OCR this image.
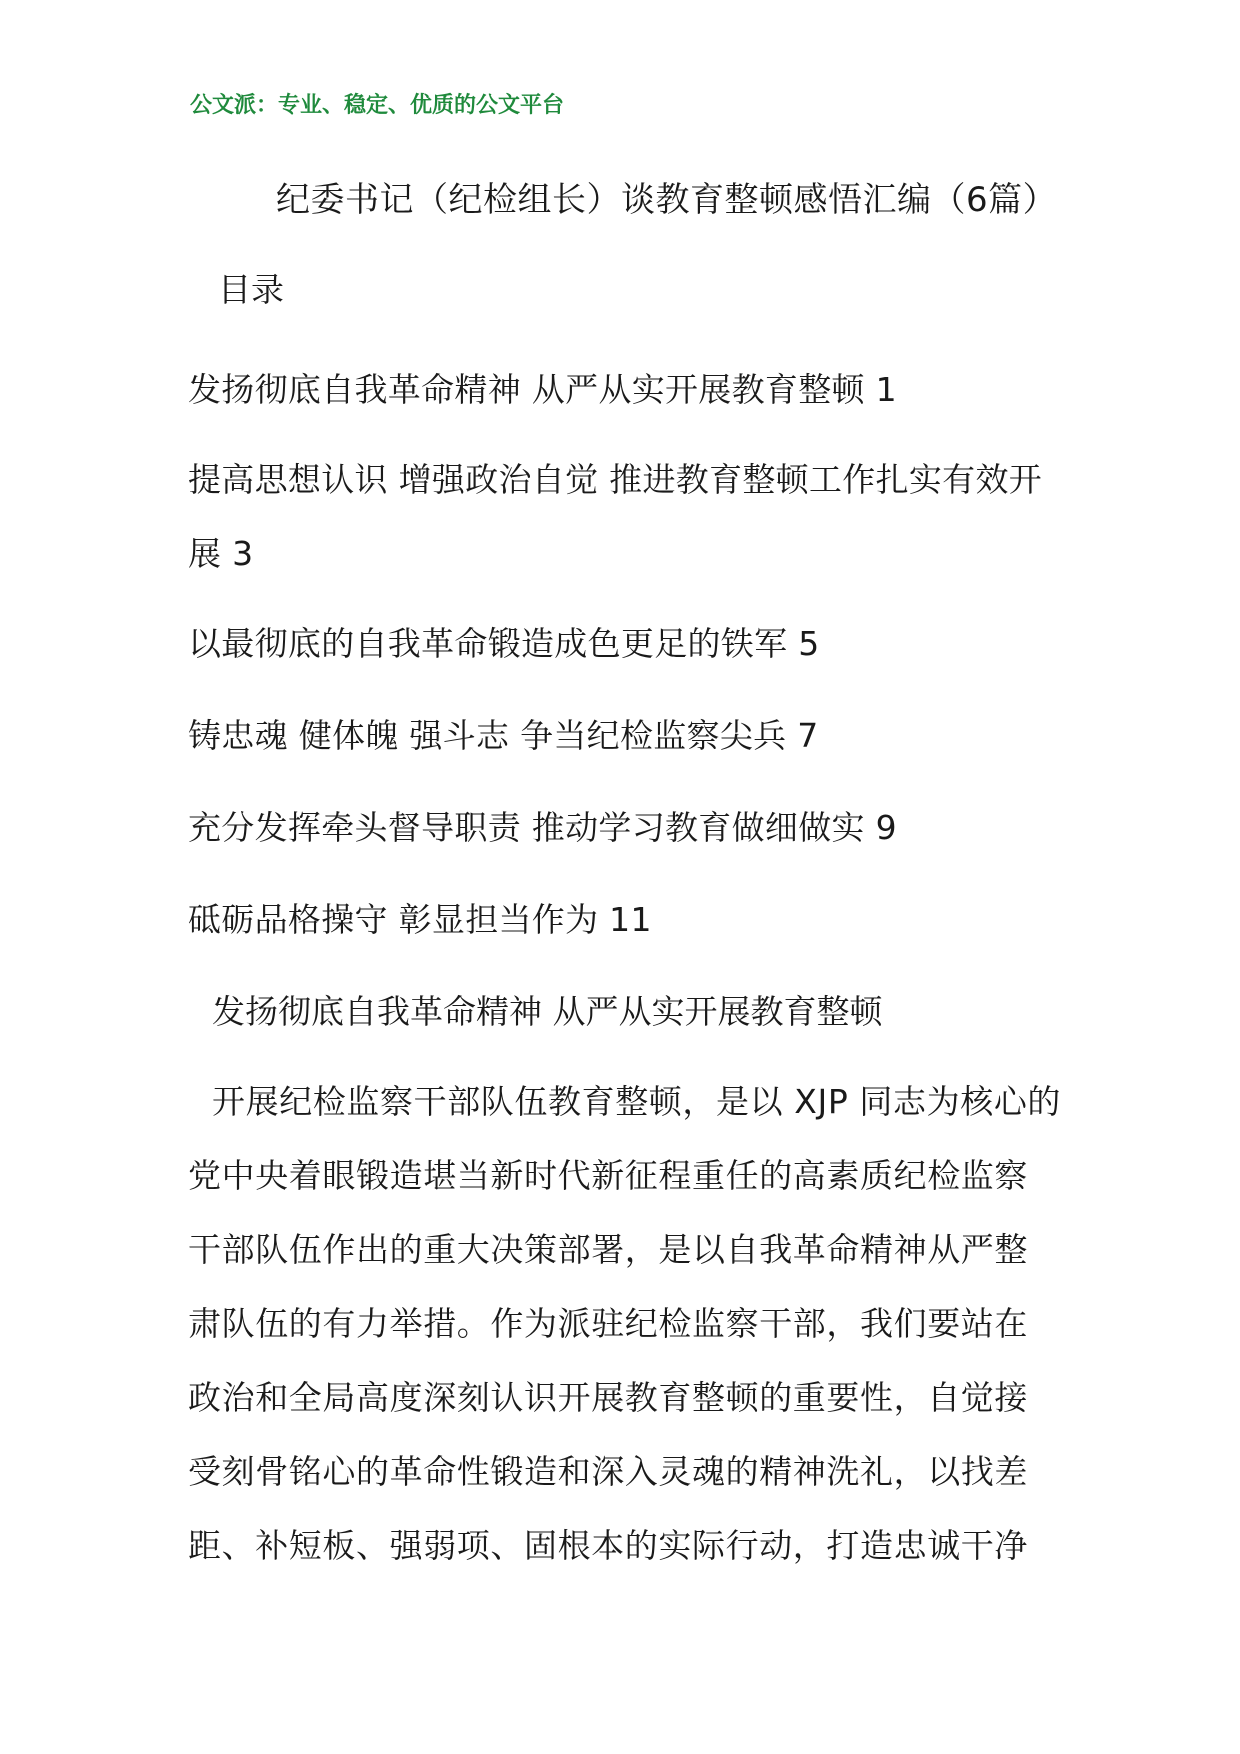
公文派：专业、稳定、优质的公文平台
纪委书记（纪检组长）谈教育整顿感悟汇编（6篇）
目录
发扬彻底自我革命精神 从严从实开展教育整顿 1
提高思想认识 增强政治自觉 推进教育整顿工作扎实有效开
展 3
以最彻底的自我革命锻造成色更足的铁军 5
铸忠魂 健体魄 强斗志 争当纪检监察尖兵 7
充分发挥牵头督导职责 推动学习教育做细做实 9
砥砺品格操守 彰显担当作为 11
发扬彻底自我革命精神 从严从实开展教育整顿
开展纪检监察干部队伍教育整顿，是以 XJP 同志为核心的
党中央着眼锻造堪当新时代新征程重任的高素质纪检监察
干部队伍作出的重大决策部署，是以自我革命精神从严整
肃队伍的有力举措。作为派驻纪检监察干部，我们要站在
政治和全局高度深刻认识开展教育整顿的重要性，自觉接
受刻骨铭心的革命性锻造和深入灵魂的精神洗礼，以找差
距、补短板、强弱项、固根本的实际行动，打造忠诚干净
